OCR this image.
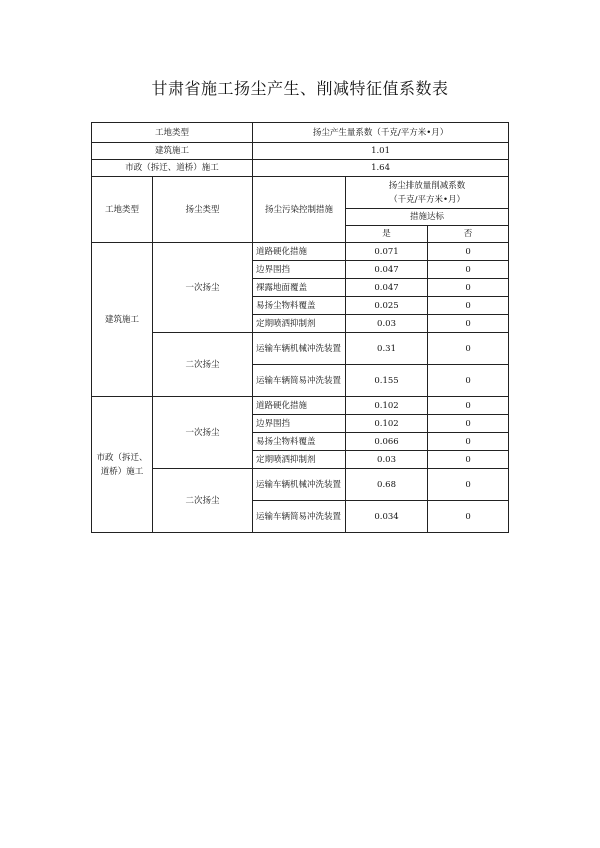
甘肃省施工扬尘产生、削减特征值系数表
工地类型		扬尘产生量系数（千克/平方米•月）		
建筑施工		1.01		
市政（拆迁、道桥）施工		1.64		
工地类型	扬尘类型	扬尘污染控制措施	扬尘排放量削减系数
（千克/平方米•月）	

			措施达标	
			是	否
建筑施工	一次扬尘	道路硬化措施	0.071	0
		边界围挡	0.047	0
		裸露地面覆盖	0.047	0
		易扬尘物料覆盖	0.025	0
		定期喷洒抑制剂	0.03	0
	二次扬尘	运输车辆机械冲洗装置	0.31	0
		运输车辆简易冲洗装置	0.155	0
市政（拆迁、道桥）施工	一次扬尘	道路硬化措施	0.102	0
		边界围挡	0.102	0
		易扬尘物料覆盖	0.066	0
		定期喷洒抑制剂	0.03	0
	二次扬尘	运输车辆机械冲洗装置	0.68	0
		运输车辆简易冲洗装置	0.034	0
